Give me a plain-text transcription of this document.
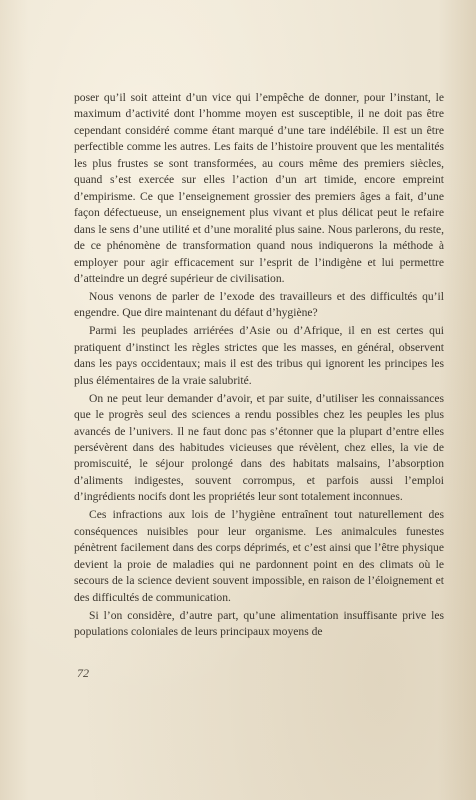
poser qu’il soit atteint d’un vice qui l’empêche de donner, pour l’instant, le maximum d’activité dont l’homme moyen est susceptible, il ne doit pas être cependant considéré comme étant marqué d’une tare indélébile. Il est un être perfectible comme les autres. Les faits de l’histoire prouvent que les mentalités les plus frustes se sont transformées, au cours même des premiers siècles, quand s’est exercée sur elles l’action d’un art timide, encore empreint d’empirisme. Ce que l’enseignement grossier des premiers âges a fait, d’une façon défectueuse, un enseignement plus vivant et plus délicat peut le refaire dans le sens d’une utilité et d’une moralité plus saine. Nous parlerons, du reste, de ce phénomène de transformation quand nous indiquerons la méthode à employer pour agir efficacement sur l’esprit de l’indigène et lui permettre d’atteindre un degré supérieur de civilisation.

Nous venons de parler de l’exode des travailleurs et des difficultés qu’il engendre. Que dire maintenant du défaut d’hygiène?

Parmi les peuplades arriérées d’Asie ou d’Afrique, il en est certes qui pratiquent d’instinct les règles strictes que les masses, en général, observent dans les pays occidentaux; mais il est des tribus qui ignorent les principes les plus élémentaires de la vraie salubrité.

On ne peut leur demander d’avoir, et par suite, d’utiliser les connaissances que le progrès seul des sciences a rendu possibles chez les peuples les plus avancés de l’univers. Il ne faut donc pas s’étonner que la plupart d’entre elles persévèrent dans des habitudes vicieuses que révèlent, chez elles, la vie de promiscuité, le séjour prolongé dans des habitats malsains, l’absorption d’aliments indigestes, souvent corrompus, et parfois aussi l’emploi d’ingrédients nocifs dont les propriétés leur sont totalement inconnues.

Ces infractions aux lois de l’hygiène entraînent tout naturellement des conséquences nuisibles pour leur organisme. Les animalcules funestes pénètrent facilement dans des corps déprimés, et c’est ainsi que l’être physique devient la proie de maladies qui ne pardonnent point en des climats où le secours de la science devient souvent impossible, en raison de l’éloignement et des difficultés de communication.

Si l’on considère, d’autre part, qu’une alimentation insuffisante prive les populations coloniales de leurs principaux moyens de

72
